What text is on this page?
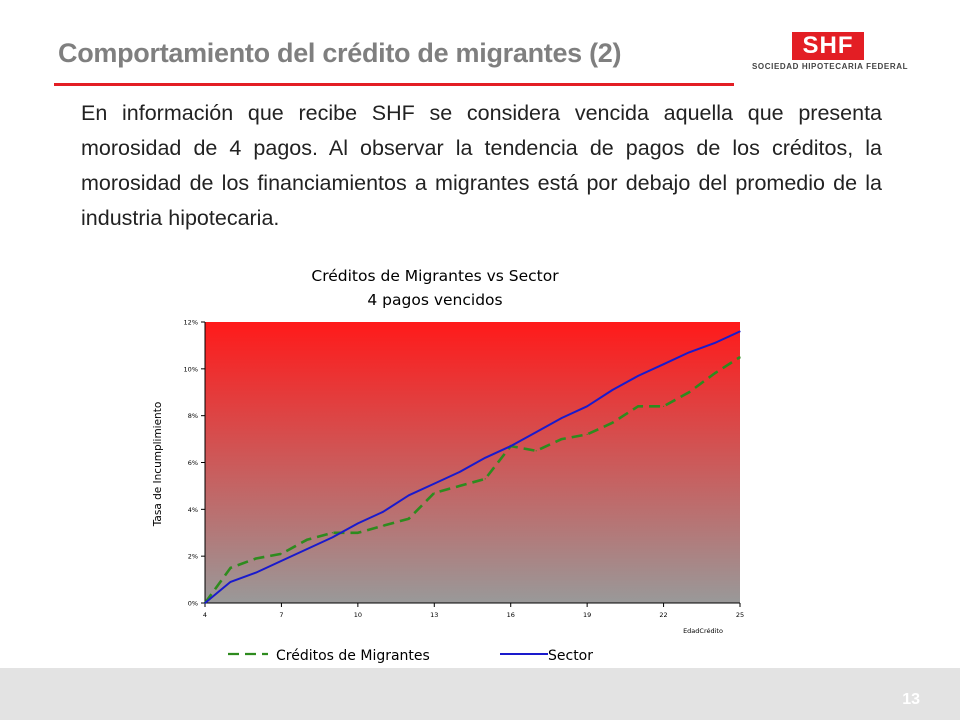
Comportamiento del crédito de migrantes (2)	SHF
SOCIEDAD HIPOTECARIA FEDERAL
En información que recibe SHF se considera vencida aquella que presenta morosidad de 4 pagos. Al observar la tendencia de pagos de los créditos, la morosidad de los financiamientos a migrantes está por debajo del promedio de la industria hipotecaria.
Créditos de Migrantes vs Sector
4 pagos vencidos
0%
2%
4%
6%
8%
10%
12%
4	7	10	13	16	19	22	25
Tasa de Incumplimiento
EdadCrédito
Créditos de Migrantes	Sector
13
